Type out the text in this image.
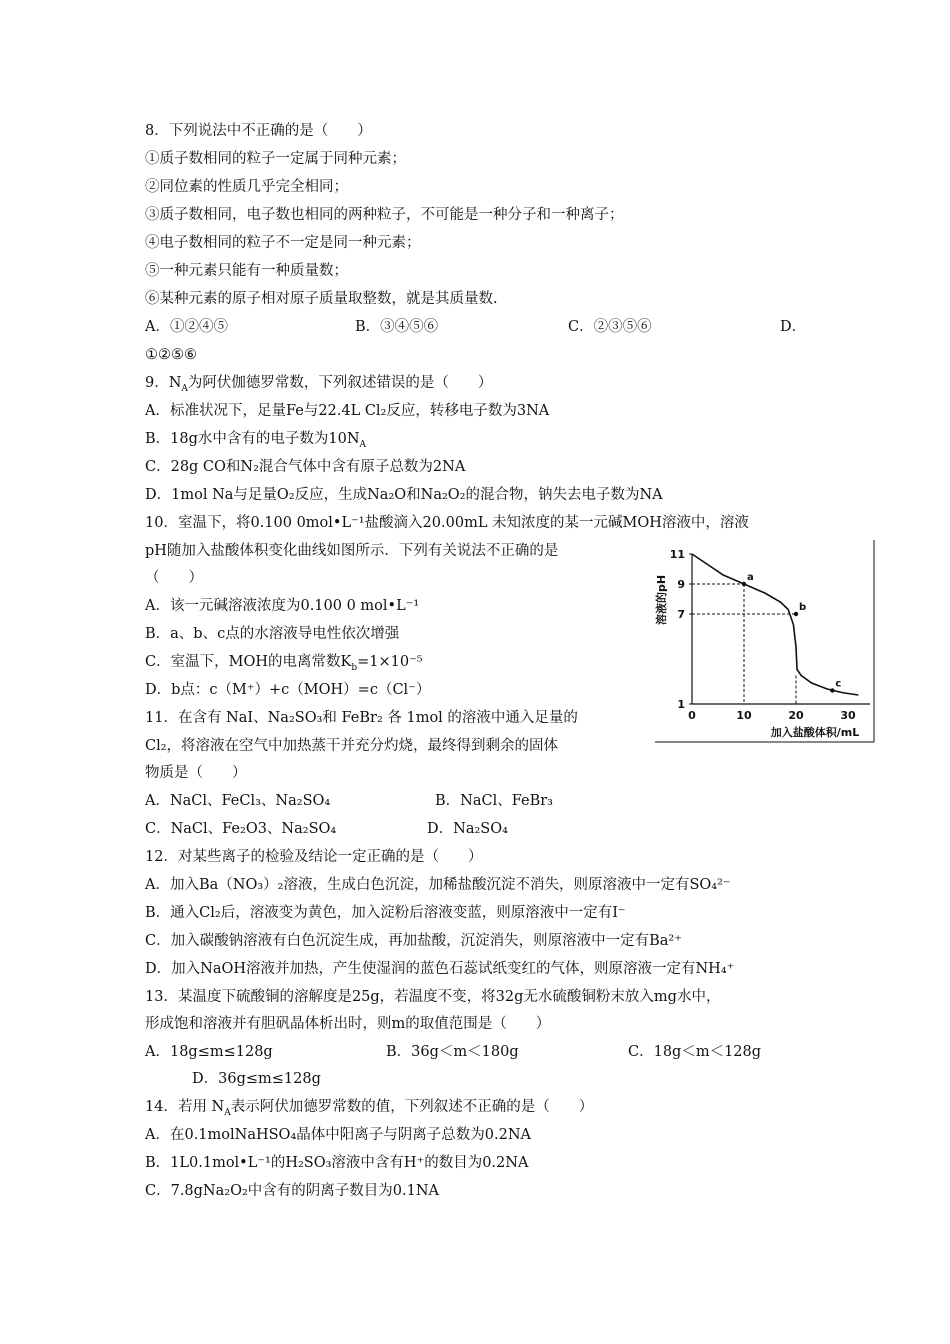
8．下列说法中不正确的是（　　）
①质子数相同的粒子一定属于同种元素；
②同位素的性质几乎完全相同；
③质子数相同，电子数也相同的两种粒子，不可能是一种分子和一种离子；
④电子数相同的粒子不一定是同一种元素；
⑤一种元素只能有一种质量数；
⑥某种元素的原子相对原子质量取整数，就是其质量数.
A．①②④⑤	B．③④⑤⑥	C．②③⑤⑥	D．
①②⑤⑥
9．$N_A$为阿伏伽德罗常数，下列叙述错误的是（　　）
A．标准状况下，足量Fe与22.4L Cl₂反应，转移电子数为3NA
B．18g水中含有的电子数为$10N_A$
C．28g CO和N₂混合气体中含有原子总数为2NA
D．1mol Na与足量O₂反应，生成Na₂O和Na₂O₂的混合物，钠失去电子数为NA
10．室温下，将0.100 0mol•L⁻¹盐酸滴入20.00mL 未知浓度的某一元碱MOH溶液中，溶液
pH随加入盐酸体积变化曲线如图所示．下列有关说法不正确的是
（　　）
A．该一元碱溶液浓度为0.100 0 mol•L⁻¹
B．a、b、c点的水溶液导电性依次增强
C．室温下，MOH的电离常数$K_b=1\times 10^{-5}$
D．b点：c（M⁺）+c（MOH）=c（Cl⁻）
11．在含有 NaI、Na₂SO₃和 FeBr₂ 各 1mol 的溶液中通入足量的
Cl₂，将溶液在空气中加热蒸干并充分灼烧，最终得到剩余的固体
物质是（　　）
A．NaCl、FeCl₃、Na₂SO₄	B．NaCl、FeBr₃
C．NaCl、Fe₂O3、Na₂SO₄	D．Na₂SO₄
12．对某些离子的检验及结论一定正确的是（　　）
A．加入Ba（NO₃）₂溶液，生成白色沉淀，加稀盐酸沉淀不消失，则原溶液中一定有SO₄²⁻
B．通入Cl₂后，溶液变为黄色，加入淀粉后溶液变蓝，则原溶液中一定有I⁻
C．加入碳酸钠溶液有白色沉淀生成，再加盐酸，沉淀消失，则原溶液中一定有Ba²⁺
D．加入NaOH溶液并加热，产生使湿润的蓝色石蕊试纸变红的气体，则原溶液一定有NH₄⁺
13．某温度下硫酸铜的溶解度是25g，若温度不变，将32g无水硫酸铜粉末放入mg水中，
形成饱和溶液并有胆矾晶体析出时，则m的取值范围是（　　）
A．18g≤m≤128g	B．36g＜m＜180g	C．18g＜m＜128g
D．36g≤m≤128g
14．若用 $N_A$表示阿伏加德罗常数的值，下列叙述不正确的是（　　）
A．在0.1molNaHSO₄晶体中阳离子与阴离子总数为0.2NA
B．1L0.1mol•L⁻¹的H₂SO₃溶液中含有H⁺的数目为0.2NA
C．7.8gNa₂O₂中含有的阴离子数目为0.1NA
0	10	20	30
1
7
9
11
a
b
c
溶液的pH
加入盐酸体积/mL
